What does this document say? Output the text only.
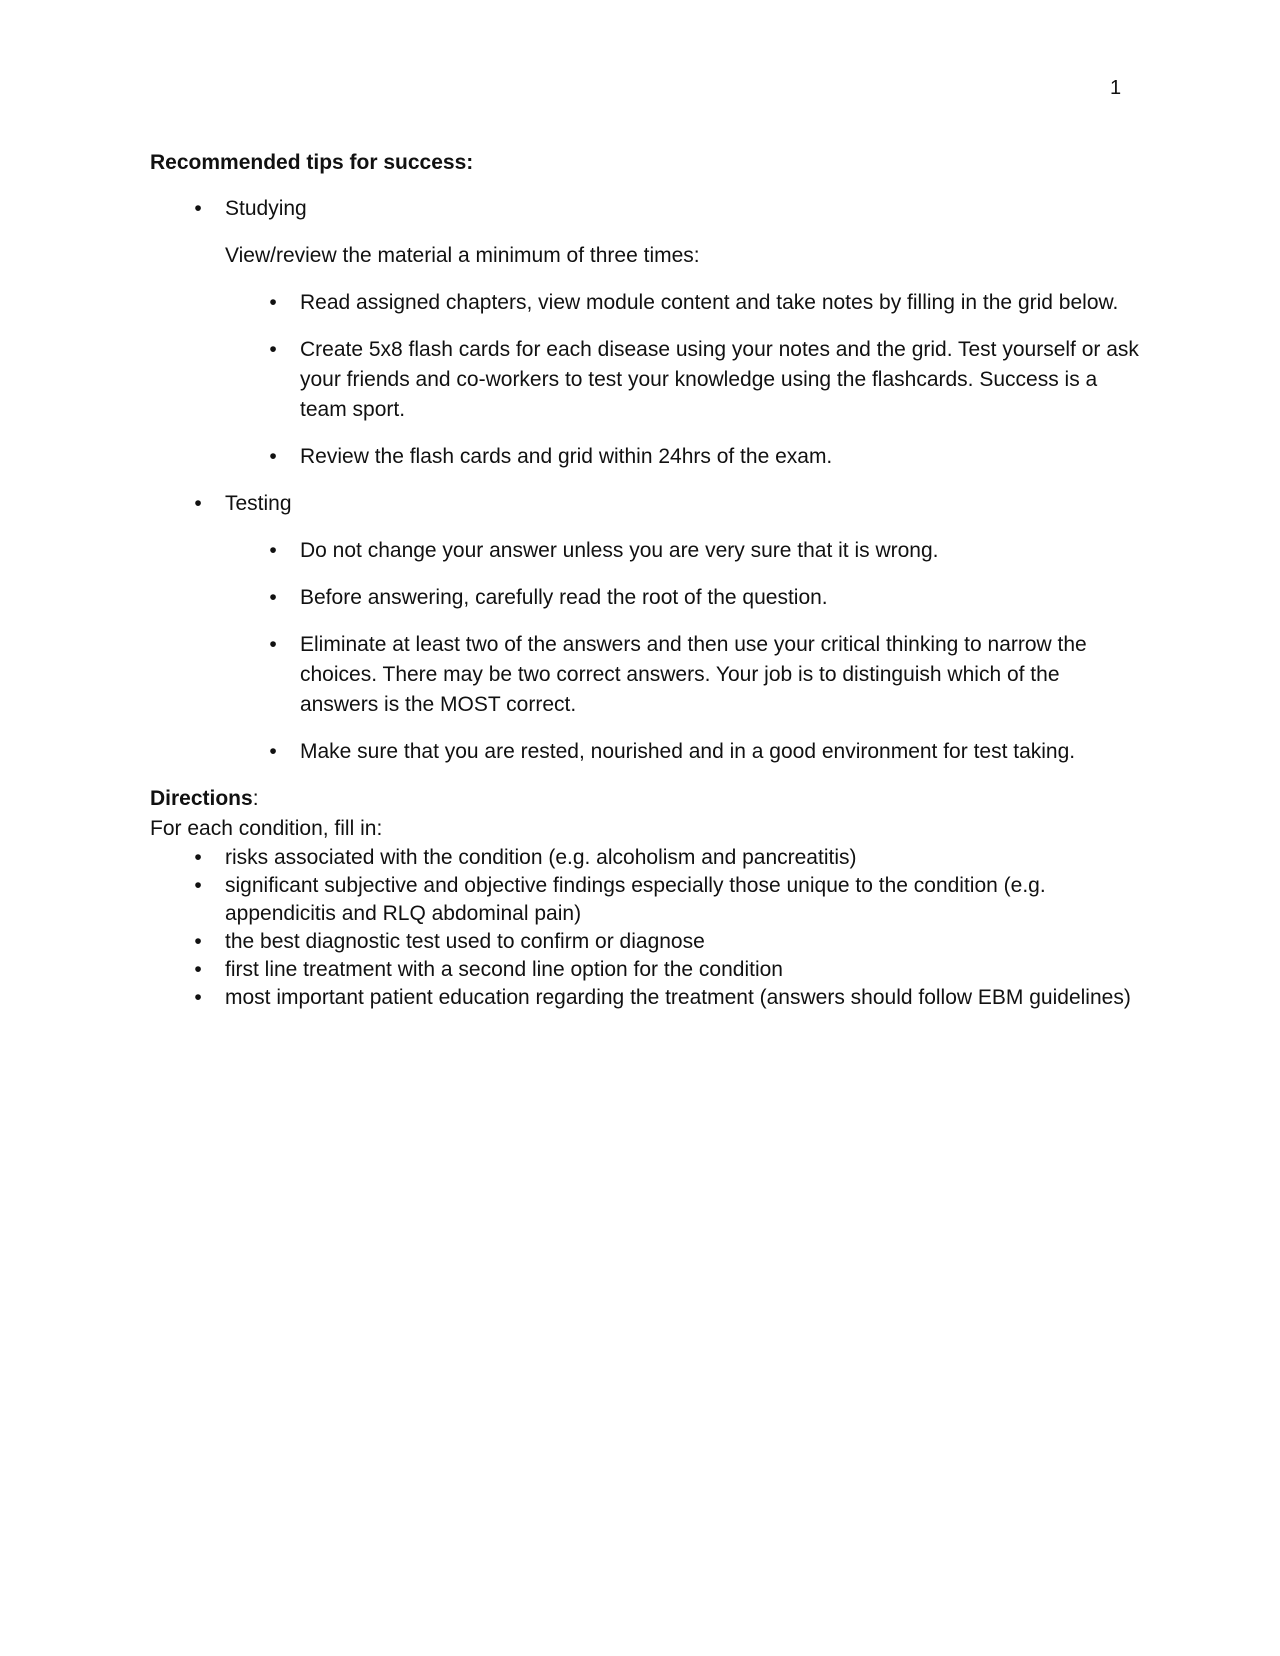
1
Recommended tips for success:
•	Studying
View/review the material a minimum of three times:
•	Read assigned chapters, view module content and take notes by filling in the grid below.
•	Create 5x8 flash cards for each disease using your notes and the grid. Test yourself or ask your friends and co-workers to test your knowledge using the flashcards. Success is a team sport.
•	Review the flash cards and grid within 24hrs of the exam.
•	Testing
•	Do not change your answer unless you are very sure that it is wrong.
•	Before answering, carefully read the root of the question.
•	Eliminate at least two of the answers and then use your critical thinking to narrow the choices. There may be two correct answers. Your job is to distinguish which of the answers is the MOST correct.
•	Make sure that you are rested, nourished and in a good environment for test taking.
Directions:
For each condition, fill in:
•	risks associated with the condition (e.g. alcoholism and pancreatitis)
•	significant subjective and objective findings especially those unique to the condition (e.g. appendicitis and RLQ abdominal pain)
•	the best diagnostic test used to confirm or diagnose
•	first line treatment with a second line option for the condition
•	most important patient education regarding the treatment (answers should follow EBM guidelines)
